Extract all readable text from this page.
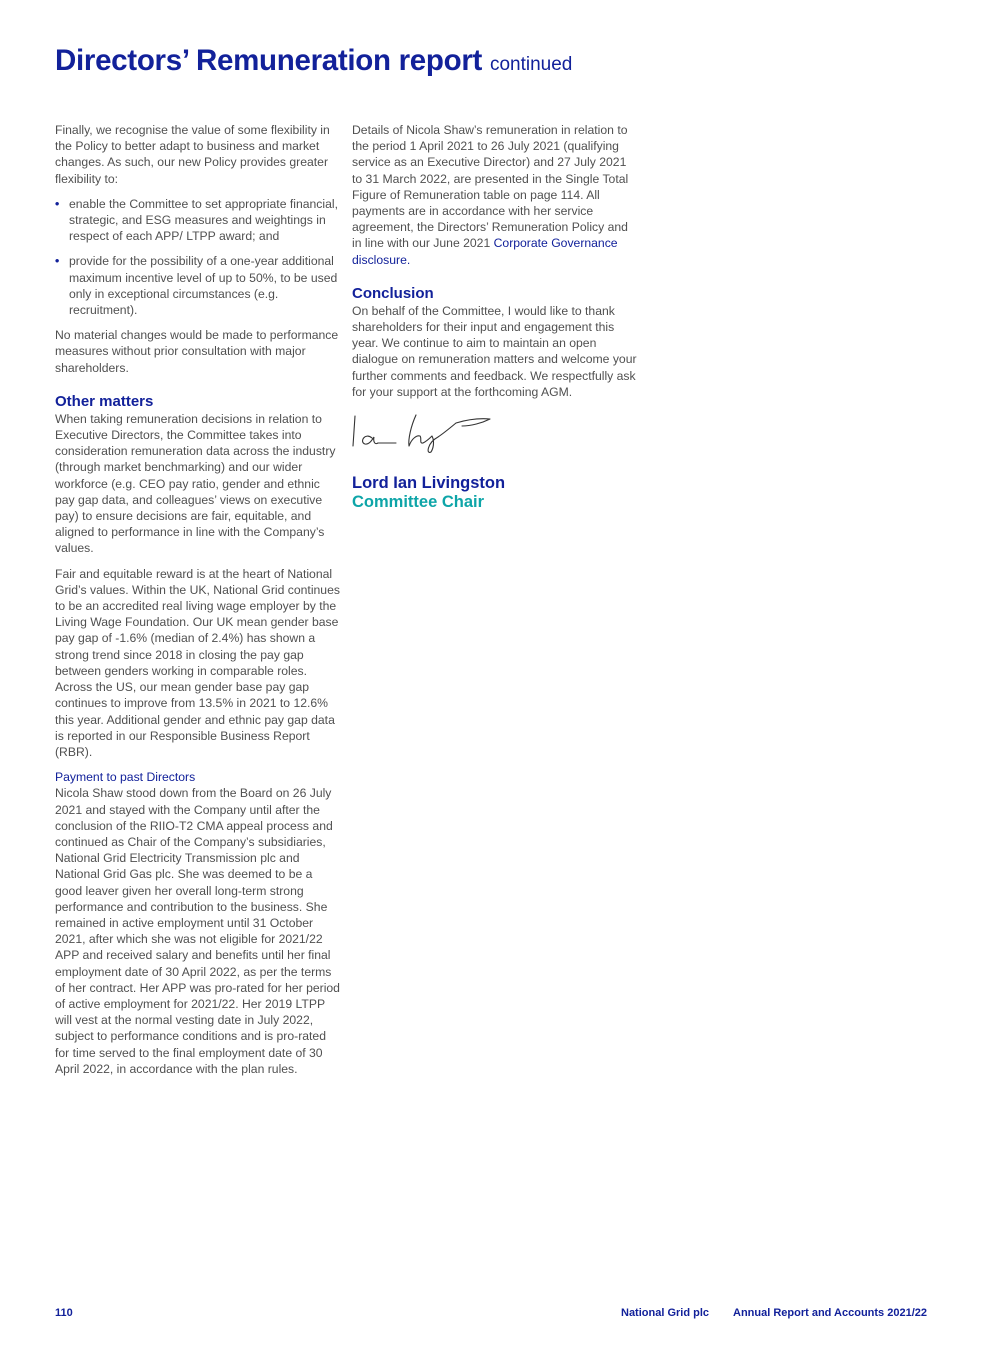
Directors’ Remuneration report continued

Finally, we recognise the value of some flexibility in the Policy to better adapt to business and market changes. As such, our new Policy provides greater flexibility to:

• enable the Committee to set appropriate financial, strategic, and ESG measures and weightings in respect of each APP/ LTPP award; and
• provide for the possibility of a one-year additional maximum incentive level of up to 50%, to be used only in exceptional circumstances (e.g. recruitment).

No material changes would be made to performance measures without prior consultation with major shareholders.

Other matters

When taking remuneration decisions in relation to Executive Directors, the Committee takes into consideration remuneration data across the industry (through market benchmarking) and our wider workforce (e.g. CEO pay ratio, gender and ethnic pay gap data, and colleagues’ views on executive pay) to ensure decisions are fair, equitable, and aligned to performance in line with the Company’s values.

Fair and equitable reward is at the heart of National Grid’s values. Within the UK, National Grid continues to be an accredited real living wage employer by the Living Wage Foundation. Our UK mean gender base pay gap of -1.6% (median of 2.4%) has shown a strong trend since 2018 in closing the pay gap between genders working in comparable roles. Across the US, our mean gender base pay gap continues to improve from 13.5% in 2021 to 12.6% this year. Additional gender and ethnic pay gap data is reported in our Responsible Business Report (RBR).

Payment to past Directors

Nicola Shaw stood down from the Board on 26 July 2021 and stayed with the Company until after the conclusion of the RIIO-T2 CMA appeal process and continued as Chair of the Company’s subsidiaries, National Grid Electricity Transmission plc and National Grid Gas plc. She was deemed to be a good leaver given her overall long-term strong performance and contribution to the business. She remained in active employment until 31 October 2021, after which she was not eligible for 2021/22 APP and received salary and benefits until her final employment date of 30 April 2022, as per the terms of her contract. Her APP was pro-rated for her period of active employment for 2021/22. Her 2019 LTPP will vest at the normal vesting date in July 2022, subject to performance conditions and is pro-rated for time served to the final employment date of 30 April 2022, in accordance with the plan rules.

Details of Nicola Shaw’s remuneration in relation to the period 1 April 2021 to 26 July 2021 (qualifying service as an Executive Director) and 27 July 2021 to 31 March 2022, are presented in the Single Total Figure of Remuneration table on page 114. All payments are in accordance with her service agreement, the Directors’ Remuneration Policy and in line with our June 2021 Corporate Governance disclosure.

Conclusion

On behalf of the Committee, I would like to thank shareholders for their input and engagement this year. We continue to aim to maintain an open dialogue on remuneration matters and welcome your further comments and feedback. We respectfully ask for your support at the forthcoming AGM.

Lord Ian Livingston
Committee Chair
110	National Grid plc Annual Report and Accounts 2021/22
